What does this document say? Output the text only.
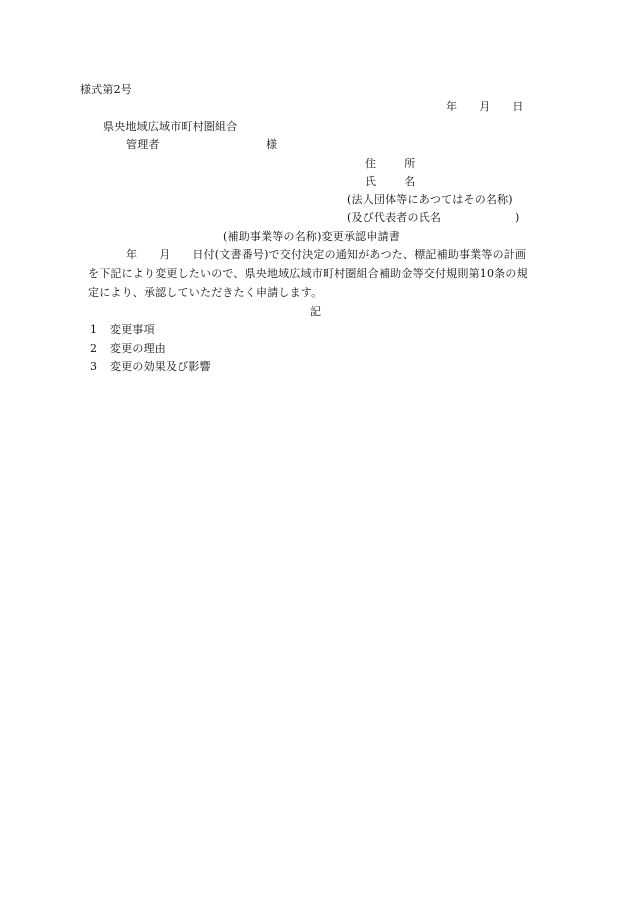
様式第2号
年 月 日
県央地域広域市町村圏組合
管理者	様
住	所
氏	名
(法人団体等にあつてはその名称)
(及び代表者の氏名	)
(補助事業等の名称)変更承認申請書
年 月 日付(文書番号)で交付決定の通知があつた、標記補助事業等の計画
を下記により変更したいので、県央地域広域市町村圏組合補助金等交付規則第10条の規
定により、承認していただきたく申請します。
記
1 変更事項
2 変更の理由
3 変更の効果及び影響
